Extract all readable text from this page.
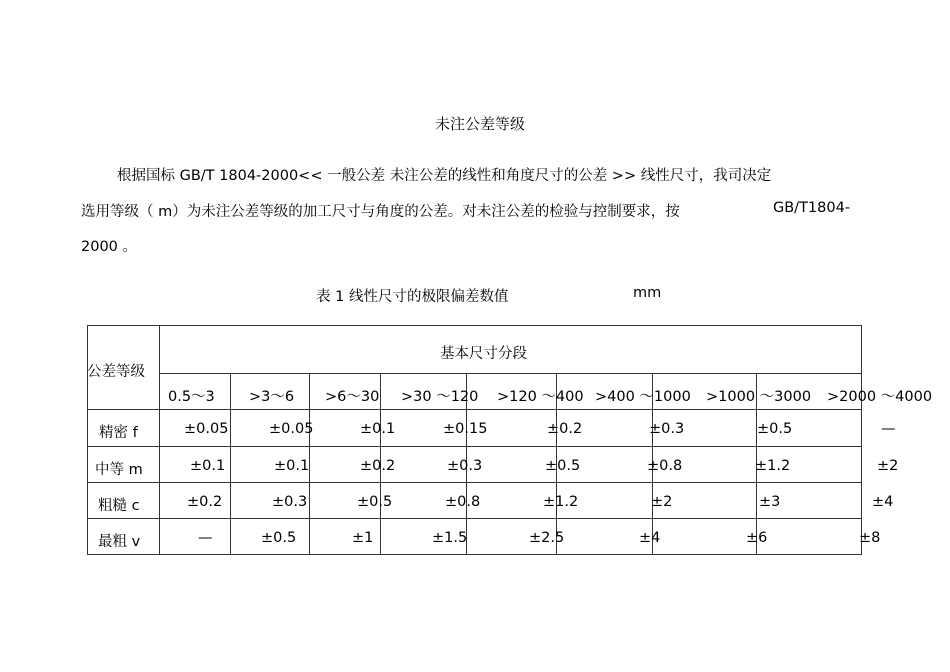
未注公差等级
根据国标 GB/T 1804-2000<< 一般公差 未注公差的线性和角度尺寸的公差 >> 线性尺寸，我司决定
选用等级（ m）为未注公差等级的加工尺寸与角度的公差。对未注公差的检验与控制要求，按	GB/T1804-
2000 。
表 1 线性尺寸的极限偏差数值	mm
公差等级
基本尺寸分段
0.5～3 >3～6 >6～30 >30 ～120 >120 ～400 >400 ～1000 >1000 ～3000 >2000 ～4000
精密 f	±0.05	±0.05	±0.1	±0.15	±0.2	±0.3	±0.5	—
中等 m	±0.1	±0.1	±0.2	±0.3	±0.5	±0.8	±1.2	±2
粗糙 c	±0.2	±0.3	±0.5	±0.8	±1.2	±2	±3	±4
最粗 v	—	±0.5	±1	±1.5	±2.5	±4	±6	±8
